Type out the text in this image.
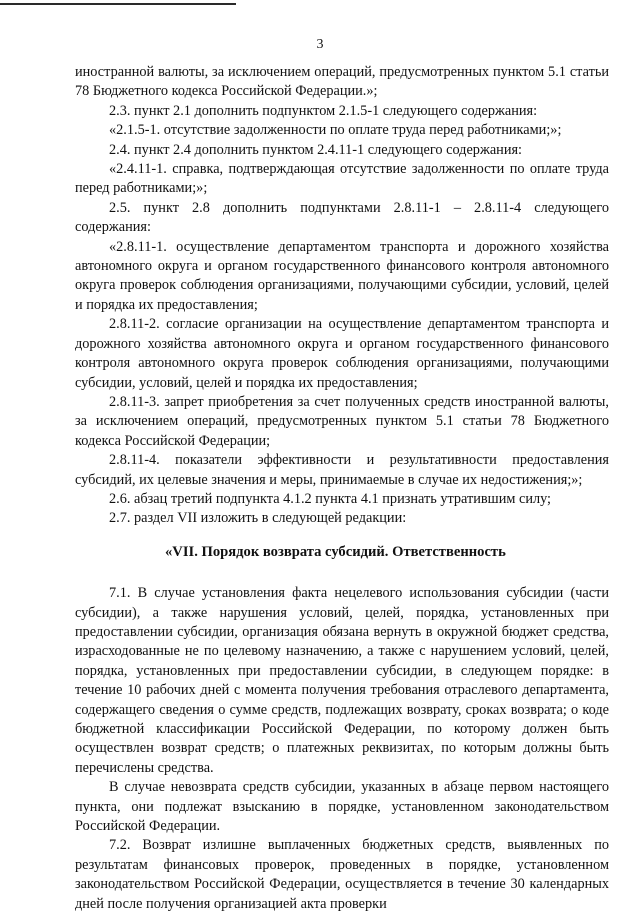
3

иностранной валюты, за исключением операций, предусмотренных пунктом 5.1 статьи 78 Бюджетного кодекса Российской Федерации.»;

2.3. пункт 2.1 дополнить подпунктом 2.1.5-1 следующего содержания:

«2.1.5-1. отсутствие задолженности по оплате труда перед работниками;»;

2.4. пункт 2.4 дополнить пунктом 2.4.11-1 следующего содержания:

«2.4.11-1. справка, подтверждающая отсутствие задолженности по оплате труда перед работниками;»;

2.5. пункт 2.8 дополнить подпунктами 2.8.11-1 – 2.8.11-4 следующего содержания:

«2.8.11-1. осуществление департаментом транспорта и дорожного хозяйства автономного округа и органом государственного финансового контроля автономного округа проверок соблюдения организациями, получающими субсидии, условий, целей и порядка их предоставления;

2.8.11-2. согласие организации на осуществление департаментом транспорта и дорожного хозяйства автономного округа и органом государственного финансового контроля автономного округа проверок соблюдения организациями, получающими субсидии, условий, целей и порядка их предоставления;

2.8.11-3. запрет приобретения за счет полученных средств иностранной валюты, за исключением операций, предусмотренных пунктом 5.1 статьи 78 Бюджетного кодекса Российской Федерации;

2.8.11-4. показатели эффективности и результативности предоставления субсидий, их целевые значения и меры, принимаемые в случае их недостижения;»;

2.6. абзац третий подпункта 4.1.2 пункта 4.1 признать утратившим силу;

2.7. раздел VII изложить в следующей редакции:

«VII. Порядок возврата субсидий. Ответственность

7.1. В случае установления факта нецелевого использования субсидии (части субсидии), а также нарушения условий, целей, порядка, установленных при предоставлении субсидии, организация обязана вернуть в окружной бюджет средства, израсходованные не по целевому назначению, а также с нарушением условий, целей, порядка, установленных при предоставлении субсидии, в следующем порядке: в течение 10 рабочих дней с момента получения требования отраслевого департамента, содержащего сведения о сумме средств, подлежащих возврату, сроках возврата; о коде бюджетной классификации Российской Федерации, по которому должен быть осуществлен возврат средств; о платежных реквизитах, по которым должны быть перечислены средства.

В случае невозврата средств субсидии, указанных в абзаце первом настоящего пункта, они подлежат взысканию в порядке, установленном законодательством Российской Федерации.

7.2. Возврат излишне выплаченных бюджетных средств, выявленных по результатам финансовых проверок, проведенных в порядке, установленном законодательством Российской Федерации, осуществляется в течение 30 календарных дней после получения организацией акта проверки
